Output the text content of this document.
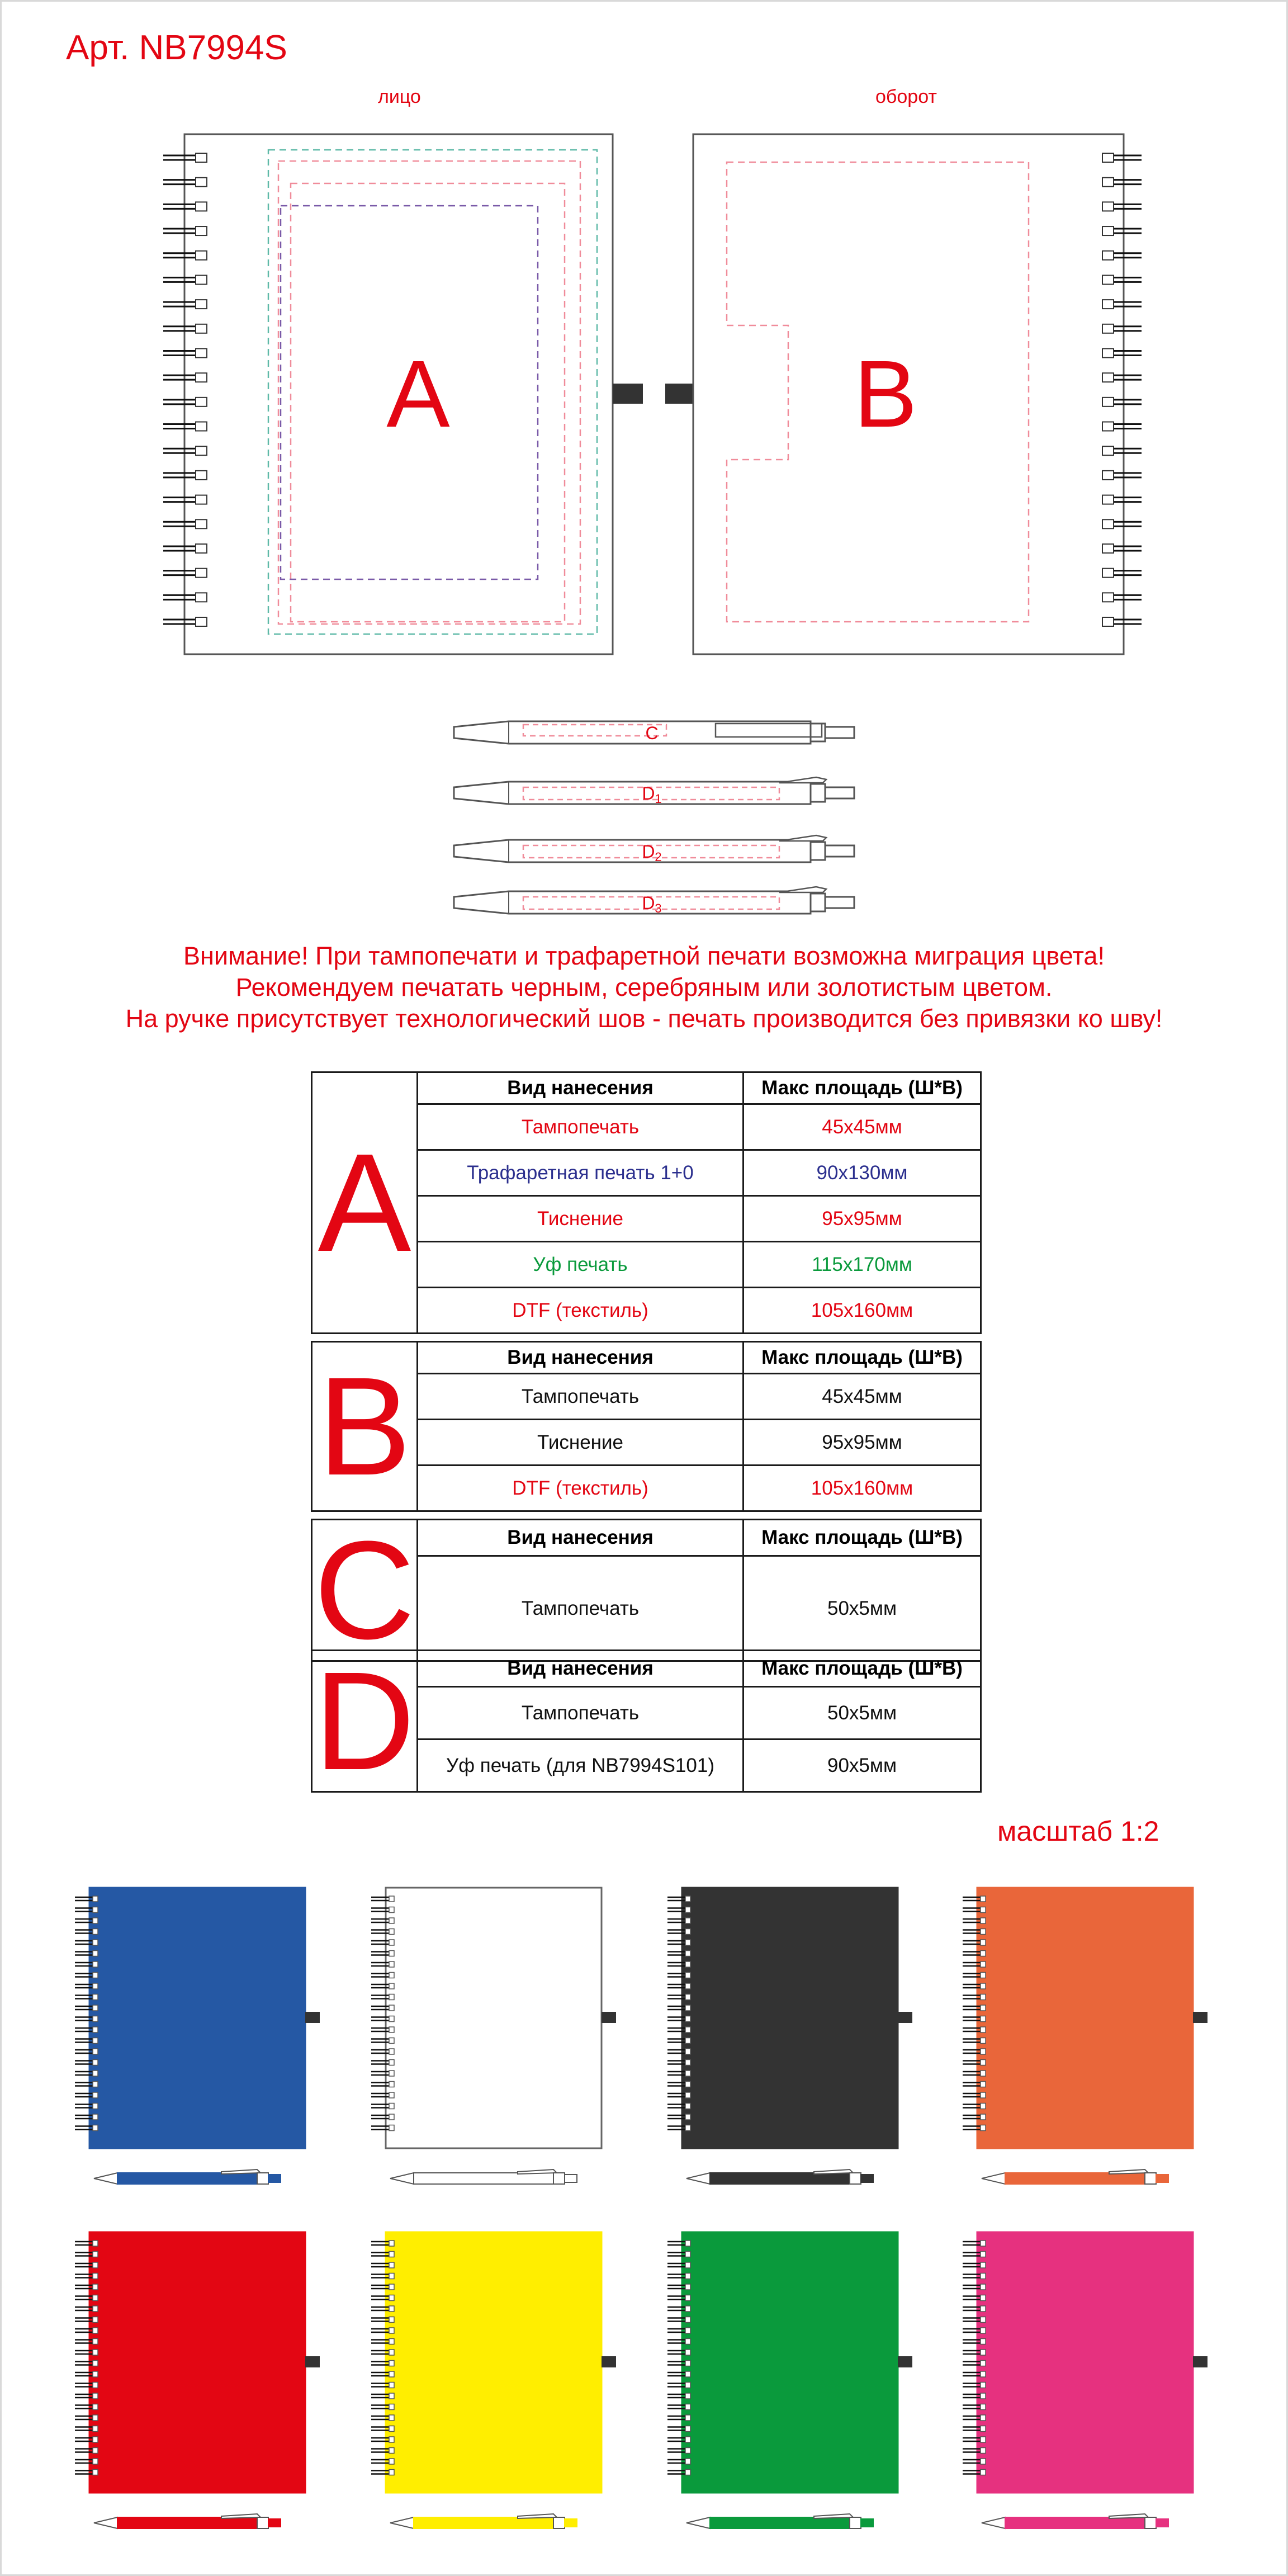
Арт. NB7994S
лицо	оборот
A	B
C
D1
D2
D3
Внимание! При тампопечати и трафаретной печати возможна миграция цвета!
Рекомендуем печатать черным, серебряным или золотистым цветом.
На ручке присутствует технологический шов - печать производится без привязки ко шву!
A	Вид нанесения	Макс площадь (Ш*В)
	Тампопечать	45х45мм
	Трафаретная печать 1+0	90х130мм
	Тиснение	95х95мм
	Уф печать	115х170мм
	DTF (текстиль)	105х160мм
B	Вид нанесения	Макс площадь (Ш*В)
	Тампопечать	45х45мм
	Тиснение	95х95мм
	DTF (текстиль)	105х160мм
C	Вид нанесения	Макс площадь (Ш*В)
	Тампопечать	50х5мм
D	Вид нанесения	Макс площадь (Ш*В)
	Тампопечать	50х5мм
	Уф печать (для NB7994S101)	90х5мм
масштаб 1:2
